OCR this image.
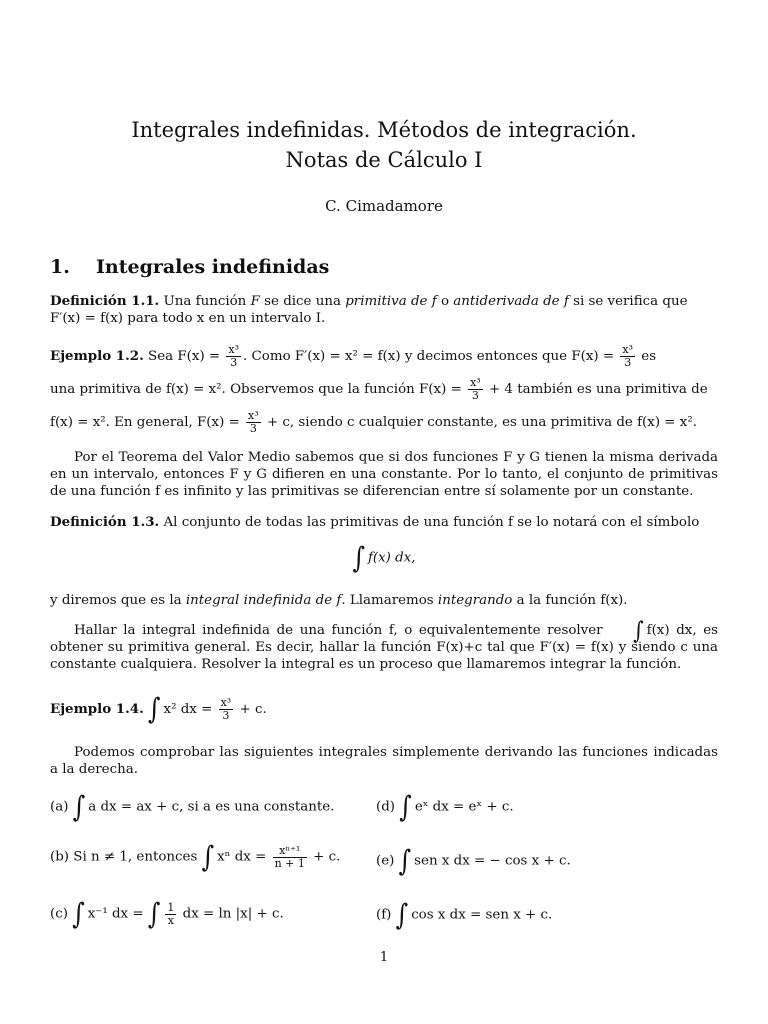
Integrales indefinidas. Métodos de integración.
Notas de Cálculo I
C. Cimadamore
1. Integrales indefinidas
Definición 1.1. Una función F se dice una primitiva de f o antiderivada de f si se verifica que
F′(x) = f(x) para todo x en un intervalo I.
Ejemplo 1.2. Sea $F(x) = \frac{\text{x³}}{3}$ . Como F′(x) = x² = f(x) y decimos entonces que $F(x) = \frac{\text{x³}}{3}$ es
una primitiva de f(x) = x². Observemos que la función $F(x) = \frac{\text{x³}}{3} + 4$ también es una primitiva de
f(x) = x². En general, $F(x) = \frac{\text{x³}}{3} + c$, siendo c cualquier constante, es una primitiva de f(x) = x².
Por el Teorema del Valor Medio sabemos que si dos funciones F y G tienen la misma derivada en un intervalo, entonces F y G difieren en una constante. Por lo tanto, el conjunto de primitivas de una función f es infinito y las primitivas se diferencian entre sí solamente por un constante.
Definición 1.3. Al conjunto de todas las primitivas de una función f se lo notará con el símbolo
∫ f(x) dx,
y diremos que es la integral indefinida de f. Llamaremos integrando a la función f(x).
Hallar la integral indefinida de una función f, o equivalentemente resolver ∫ f(x) dx, es obtener su primitiva general. Es decir, hallar la función F(x)+c tal que F′(x) = f(x) y siendo c una constante cualquiera. Resolver la integral es un proceso que llamaremos integrar la función.
Ejemplo 1.4. ∫ x² dx = $\frac{\text{x³}}{3} + c$.
Podemos comprobar las siguientes integrales simplemente derivando las funciones indicadas a la derecha.
(a) ∫ a dx = ax + c, si a es una constante.
(b) Si n ≠ 1, entonces ∫ xⁿ dx = $\frac{\text{xⁿ⁺¹}}{n + 1} + c$.
(c) ∫ x⁻¹ dx = ∫ $\frac{1}{x}$ dx = ln |x| + c.
(d) ∫ eˣ dx = eˣ + c.
(e) ∫ sen x dx = − cos x + c.
(f) ∫ cos x dx = sen x + c.
1
